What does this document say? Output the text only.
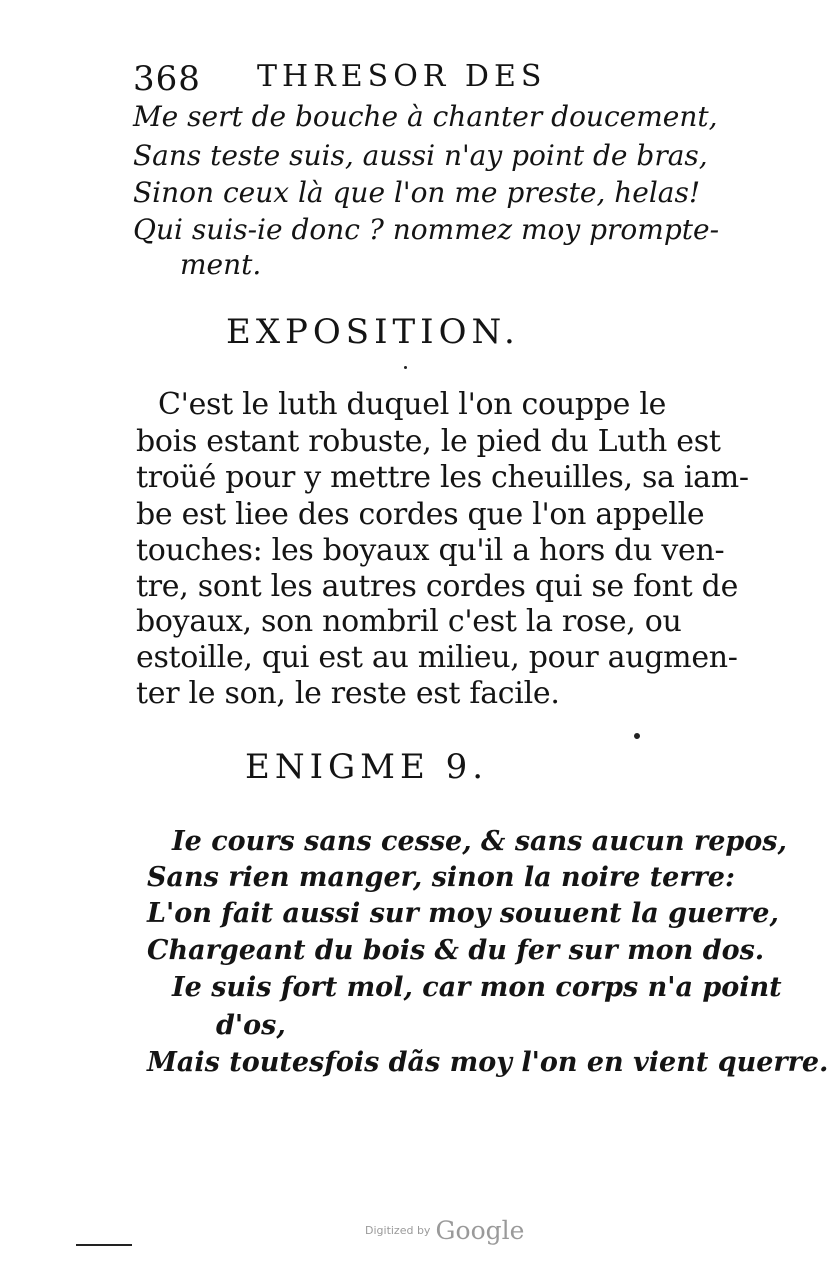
368 THRESOR DES
Me sert de bouche à chanter doucement,
Sans teste suis, aussi n'ay point de bras,
Sinon ceux là que l'on me preste, helas!
Qui suis-ie donc ? nommez moy prompte-
ment.
EXPOSITION.
C'est le luth duquel l'on couppe le
bois estant robuste, le pied du Luth est
troüé pour y mettre les cheuilles, sa iam-
be est liee des cordes que l'on appelle
touches: les boyaux qu'il a hors du ven-
tre, sont les autres cordes qui se font de
boyaux, son nombril c'est la rose, ou
estoille, qui est au milieu, pour augmen-
ter le son, le reste est facile.
ENIGME 9.
Ie cours sans cesse, & sans aucun repos,
Sans rien manger, sinon la noire terre:
L'on fait aussi sur moy souuent la guerre,
Chargeant du bois & du fer sur mon dos.
Ie suis fort mol, car mon corps n'a point
d'os,
Mais toutesfois dãs moy l'on en vient querre.
Digitized by Google
